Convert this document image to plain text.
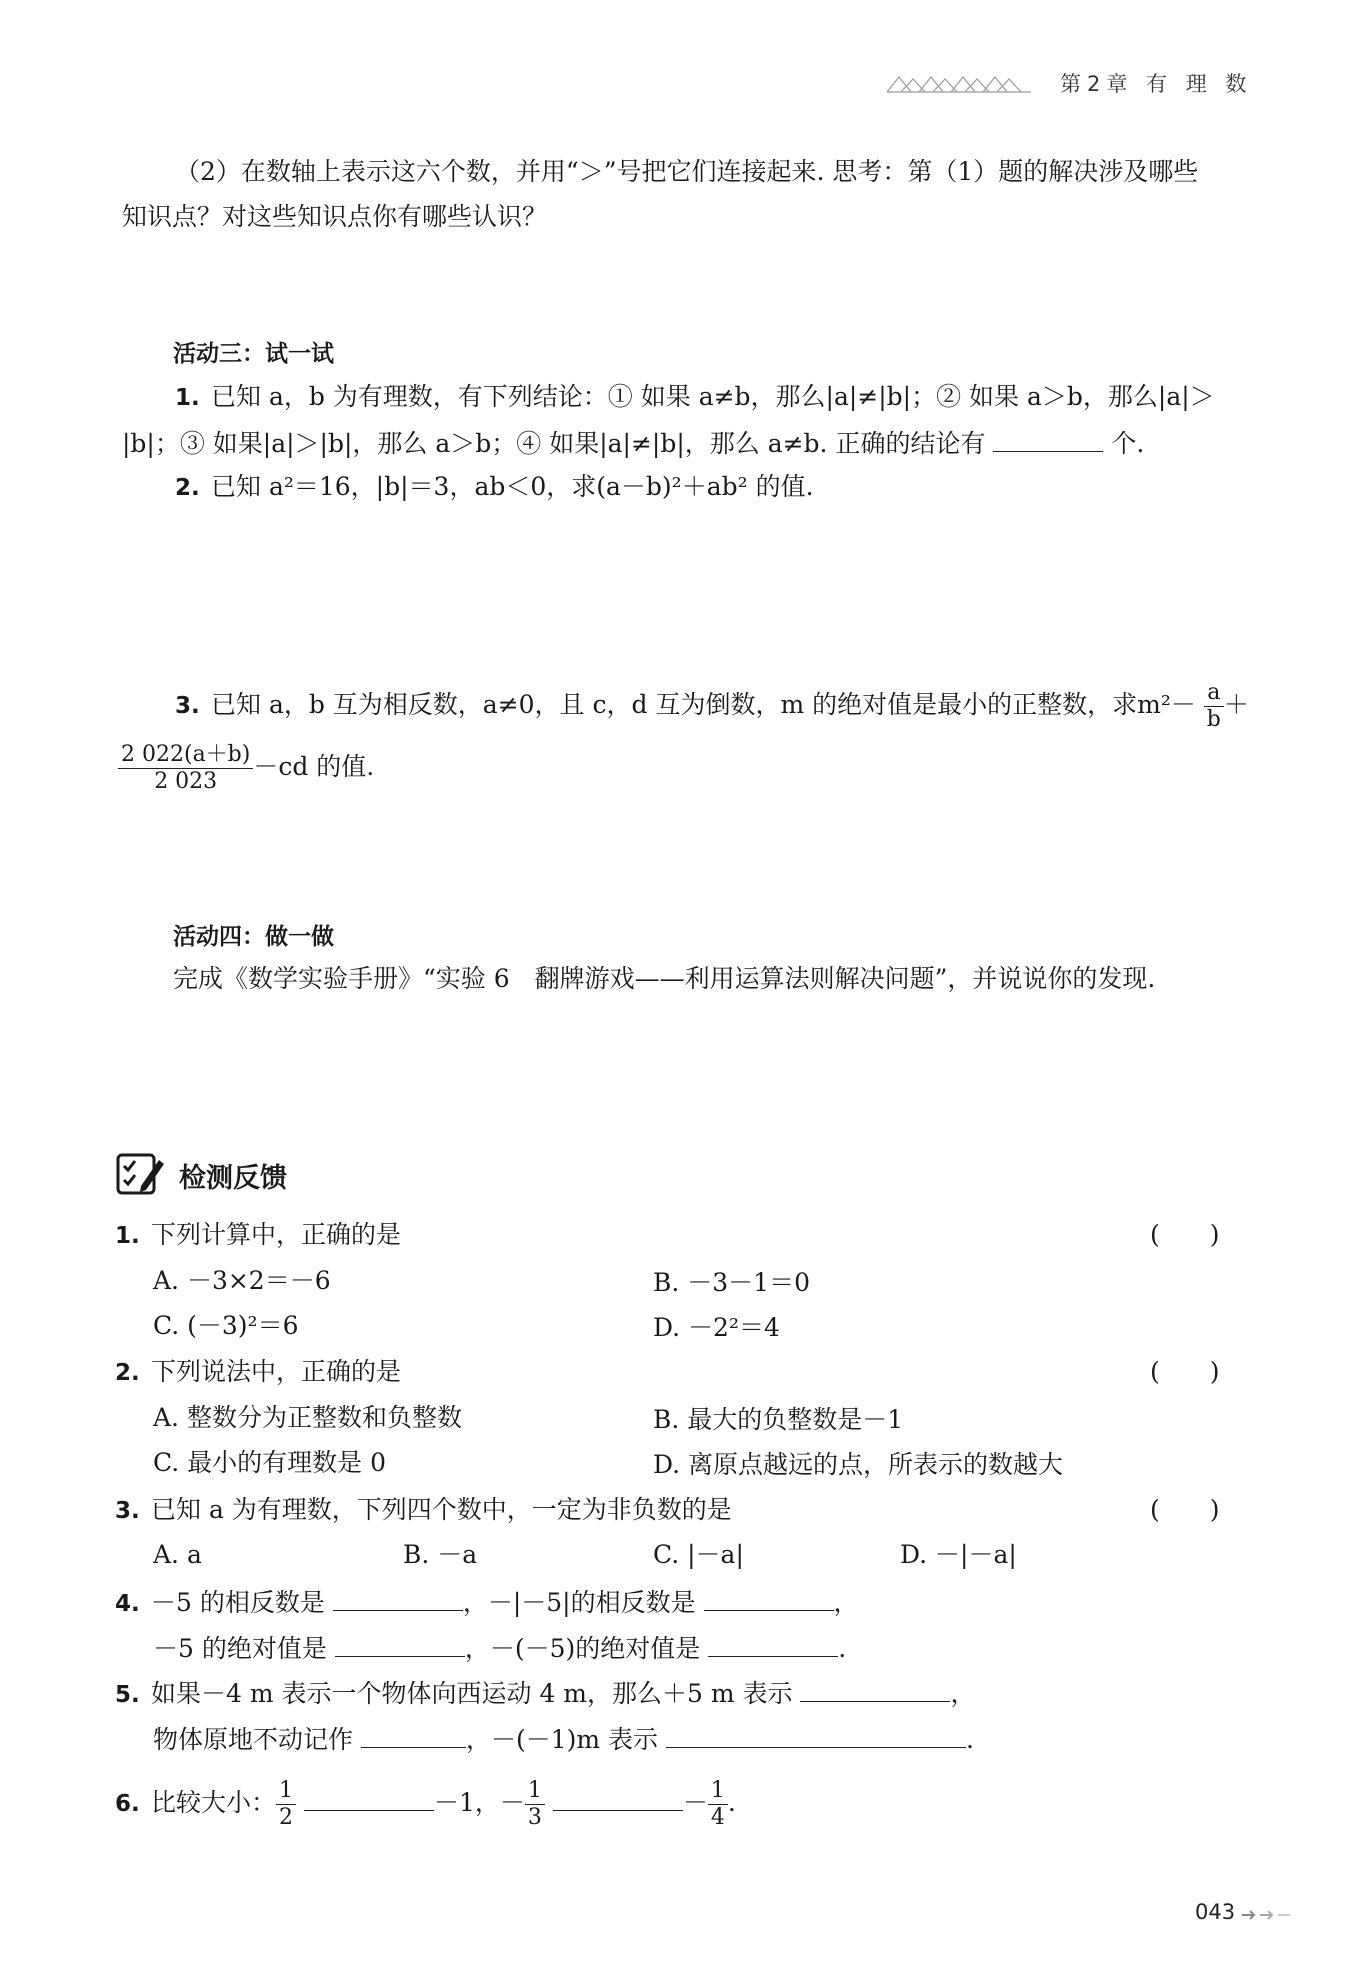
第2章 有 理 数
（2）在数轴上表示这六个数，并用“＞”号把它们连接起来. 思考：第（1）题的解决涉及哪些
知识点？对这些知识点你有哪些认识？
活动三：试一试
1. 已知 a，b 为有理数，有下列结论：① 如果 a≠b，那么|a|≠|b|；② 如果 a＞b，那么|a|＞
|b|；③ 如果|a|＞|b|，那么 a＞b；④ 如果|a|≠|b|，那么 a≠b. 正确的结论有	个.
2. 已知 a²＝16，|b|＝3，ab＜0，求(a－b)²＋ab² 的值.
3. 已知 a，b 互为相反数，a≠0，且 c，d 互为倒数，m 的绝对值是最小的正整数，求$m^2- \frac{a}{b}$ ＋
$\frac{2 022(a+b)}{2 023} -cd$ 的值.
活动四：做一做
完成《数学实验手册》“实验 6　翻牌游戏——利用运算法则解决问题”，并说说你的发现.
检测反馈
1. 下列计算中，正确的是	(　　)
A. －3×2＝－6	B. －3－1＝0
C. (－3)²＝6	D. －2²＝4
2. 下列说法中，正确的是	(　　)
A. 整数分为正整数和负整数	B. 最大的负整数是－1
C. 最小的有理数是 0	D. 离原点越远的点，所表示的数越大
3. 已知 a 为有理数，下列四个数中，一定为非负数的是	(　　)
A. a	B. －a	C. |－a|	D. －|－a|
4. －5 的相反数是	，－|－5|的相反数是	，
－5 的绝对值是	，－(－5)的绝对值是	.
5. 如果－4 m 表示一个物体向西运动 4 m，那么＋5 m 表示	，
物体原地不动记作	，－(－1)m 表示	.
6. 比较大小： $\frac{1}{2}$	－1，－ $\frac{1}{3}$	－ $\frac{1}{4}$ .
043
